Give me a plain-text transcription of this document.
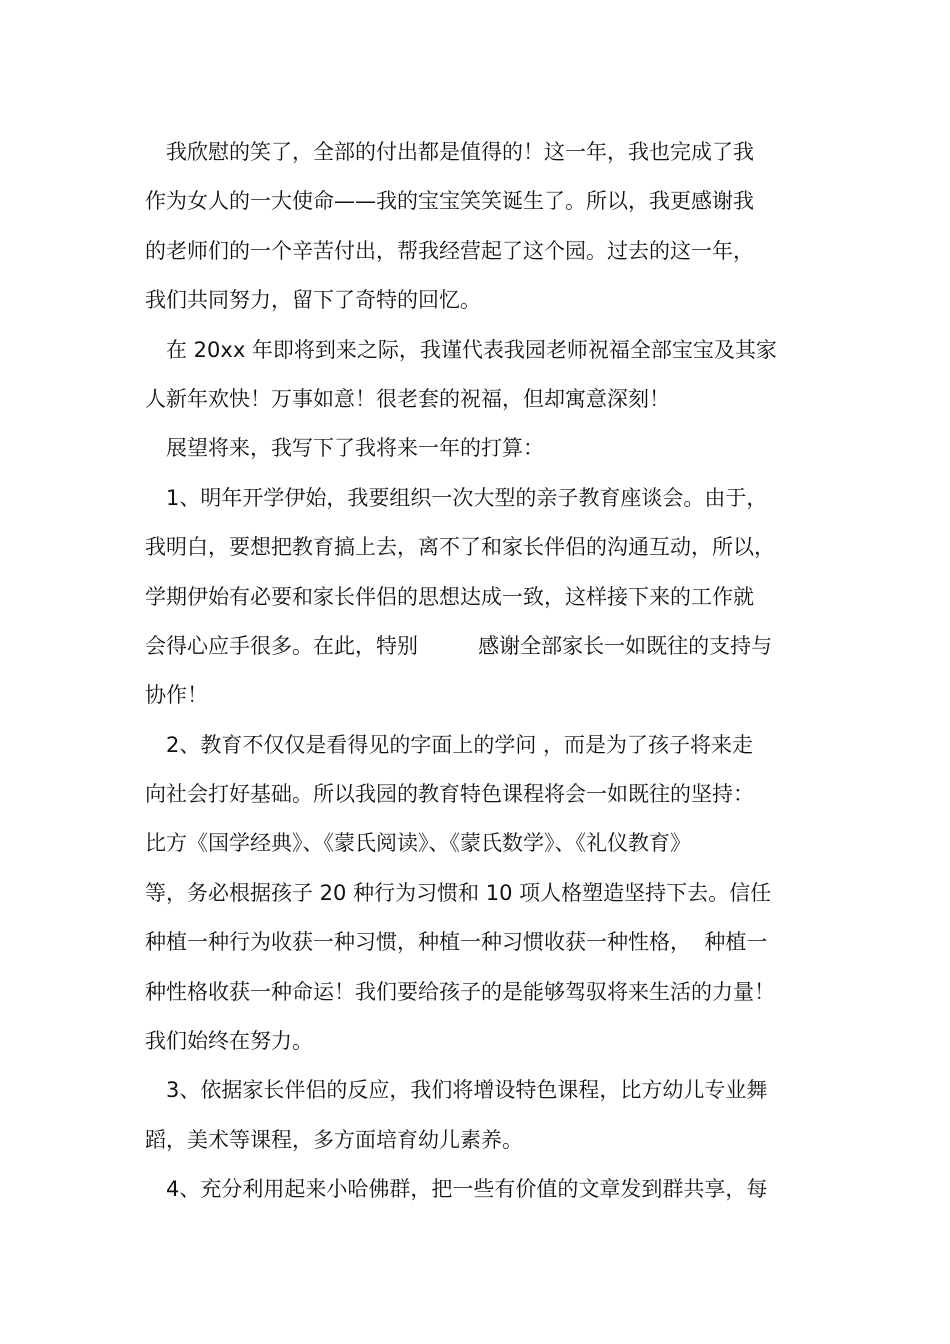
我欣慰的笑了，全部的付出都是值得的！这一年，我也完成了我
作为女人的一大使命——我的宝宝笑笑诞生了。所以，我更感谢我
的老师们的一个辛苦付出，帮我经营起了这个园。过去的这一年，
我们共同努力，留下了奇特的回忆。
在 20xx 年即将到来之际，我谨代表我园老师祝福全部宝宝及其家
人新年欢快！万事如意！很老套的祝福，但却寓意深刻！
展望将来，我写下了我将来一年的打算：
1、明年开学伊始，我要组织一次大型的亲子教育座谈会。由于，
我明白，要想把教育搞上去，离不了和家长伴侣的沟通互动，所以，
学期伊始有必要和家长伴侣的思想达成一致，这样接下来的工作就
会得心应手很多。在此，特别         感谢全部家长一如既往的支持与
协作！
2、教育不仅仅是看得见的字面上的学问 ，而是为了孩子将来走
向社会打好基础。所以我园的教育特色课程将会一如既往的坚持：
比方《国学经典》、《蒙氏阅读》、《蒙氏数学》、《礼仪教育》
等，务必根据孩子 20 种行为习惯和 10 项人格塑造坚持下去。信任
种植一种行为收获一种习惯，种植一种习惯收获一种性格，  种植一
种性格收获一种命运！我们要给孩子的是能够驾驭将来生活的力量！
我们始终在努力。
3、依据家长伴侣的反应，我们将增设特色课程，比方幼儿专业舞
蹈，美术等课程，多方面培育幼儿素养。
4、充分利用起来小哈佛群，把一些有价值的文章发到群共享，每
